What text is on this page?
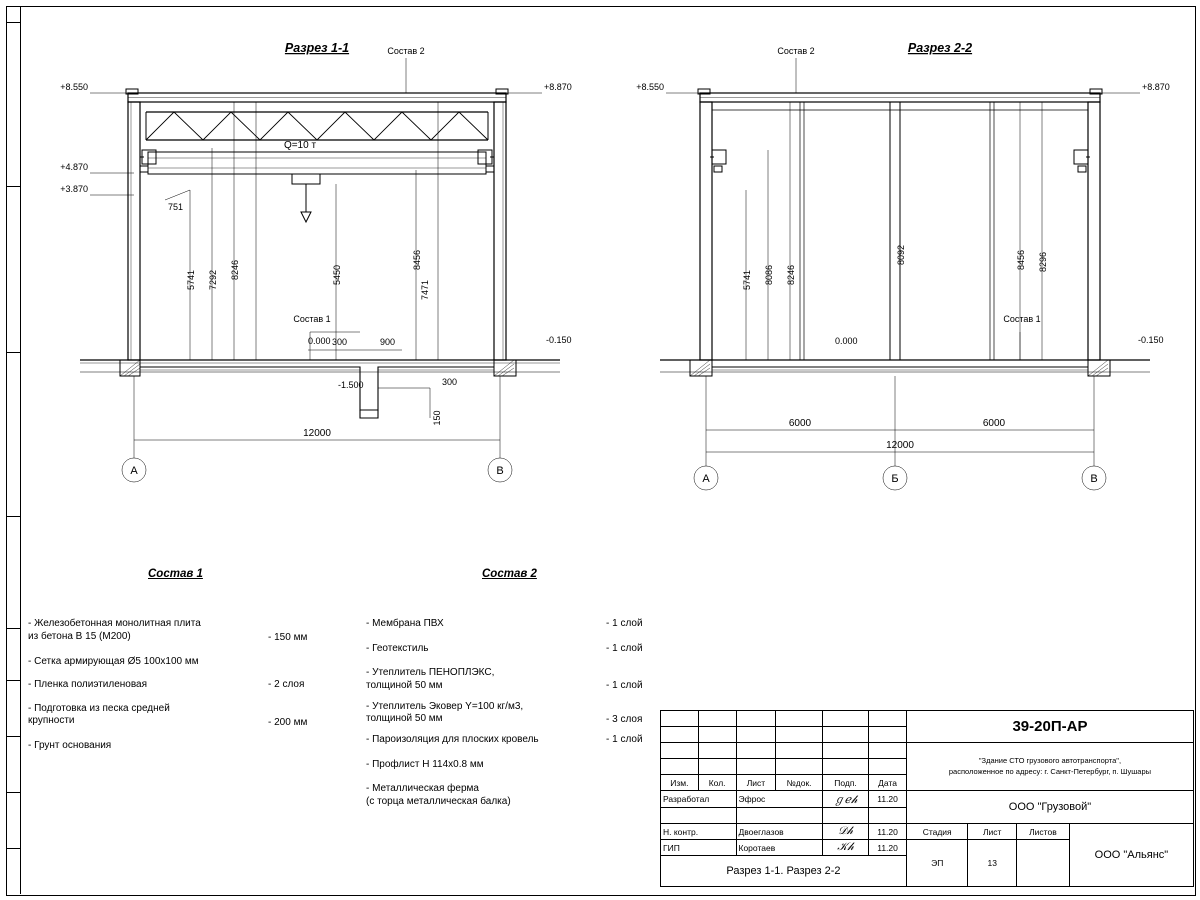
Разрез 1-1	Состав 2
+8.550	+8.870
+4.870
+3.870
0.000
-1.500
-0.150
Q=10 т
Состав 1
751
5741 7292 8246	5450
8456
7471
300	900
300
150
12000
А	В
Разрез 2-2
Состав 2
+8.550	+8.870
0.000	-0.150
Состав 1
5741 8086 8246
8092	8456 8296
6000	6000
12000
А	Б	В
Состав 1	Состав 2
- Железобетонная монолитная плита
из бетона В 15 (М200)	- 150 мм
- Сетка армирующая Ø5 100х100 мм
- Пленка полиэтиленовая	- 2 слоя
- Подготовка из песка средней
крупности	- 200 мм
- Грунт основания
- Мембрана ПВХ	- 1 слой
- Геотекстиль	- 1 слой
- Утеплитель ПЕНОПЛЭКС,
толщиной 50 мм	- 1 слой
- Утеплитель Эковер Y=100 кг/м3,
толщиной 50 мм	- 3 слоя
- Пароизоляция для плоских кровель	- 1 слой
- Профлист Н 114х0.8 мм
- Металлическая ферма
(с торца металлическая балка)
						39-20П-АР			

						"Здание СТО грузового автотранспорта",
расположенное по адресу: г. Санкт-Петербург, п. Шушары			

Изм.	Кол.	Лист	№док.	Подп.	Дата				
Разработал		Эфрос		ℊℯ𝒽	11.20	ООО "Грузовой"			

Н. контр.		Двоеглазов		𝒟𝒽	11.20	Стадия	Лист	Листов	ООО "Альянс"
ГИП		Коротаев		𝒦𝒽	11.20	ЭП	13		
Разрез 1-1. Разрез 2-2									
